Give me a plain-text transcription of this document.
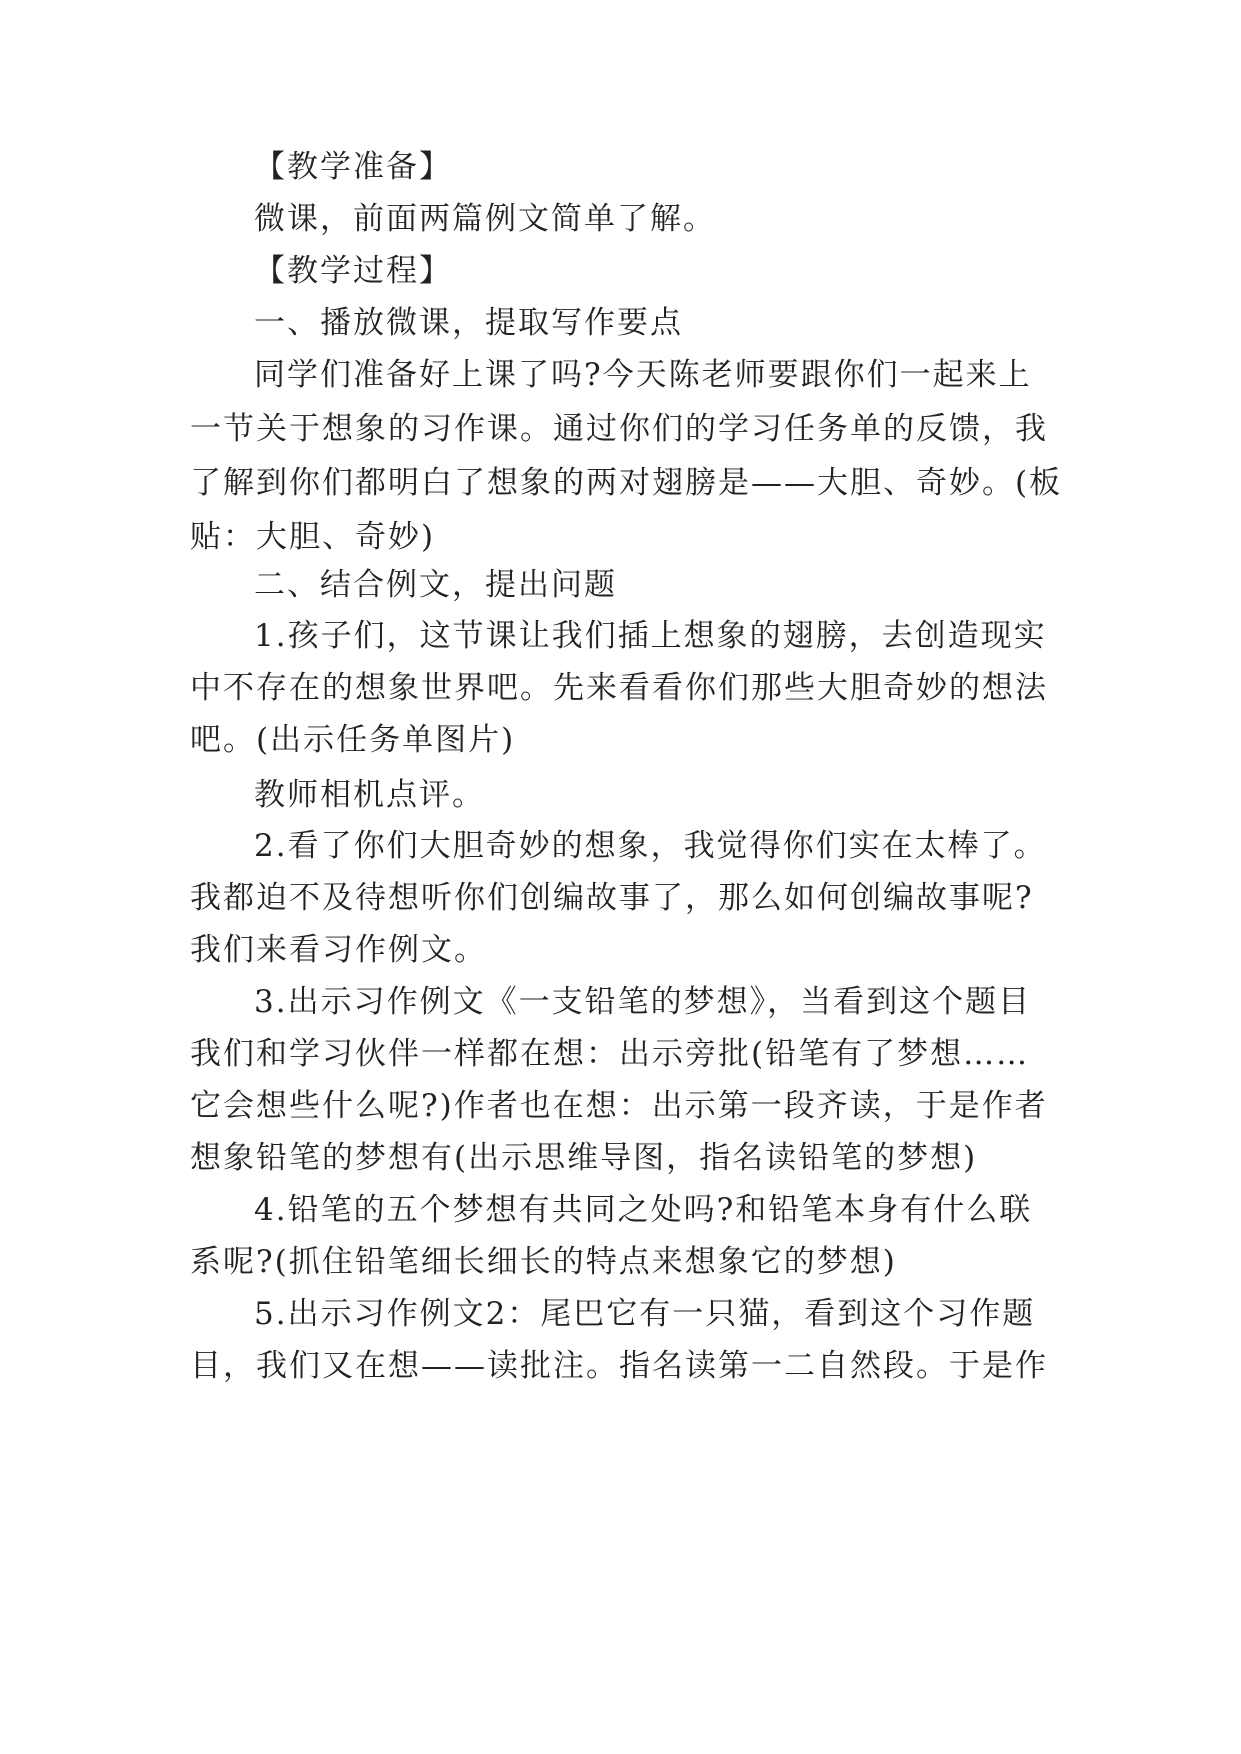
【教学准备】
微课，前面两篇例文简单了解。
【教学过程】
一、播放微课，提取写作要点
同学们准备好上课了吗?今天陈老师要跟你们一起来上
一节关于想象的习作课。通过你们的学习任务单的反馈，我
了解到你们都明白了想象的两对翅膀是——大胆、奇妙。(板
贴：大胆、奇妙)
二、结合例文，提出问题
1.孩子们，这节课让我们插上想象的翅膀，去创造现实
中不存在的想象世界吧。先来看看你们那些大胆奇妙的想法
吧。(出示任务单图片)
教师相机点评。
2.看了你们大胆奇妙的想象，我觉得你们实在太棒了。
我都迫不及待想听你们创编故事了，那么如何创编故事呢?
我们来看习作例文。
3.出示习作例文《一支铅笔的梦想》，当看到这个题目
我们和学习伙伴一样都在想：出示旁批(铅笔有了梦想……
它会想些什么呢?)作者也在想：出示第一段齐读，于是作者
想象铅笔的梦想有(出示思维导图，指名读铅笔的梦想)
4.铅笔的五个梦想有共同之处吗?和铅笔本身有什么联
系呢?(抓住铅笔细长细长的特点来想象它的梦想)
5.出示习作例文2：尾巴它有一只猫，看到这个习作题
目，我们又在想——读批注。指名读第一二自然段。于是作
